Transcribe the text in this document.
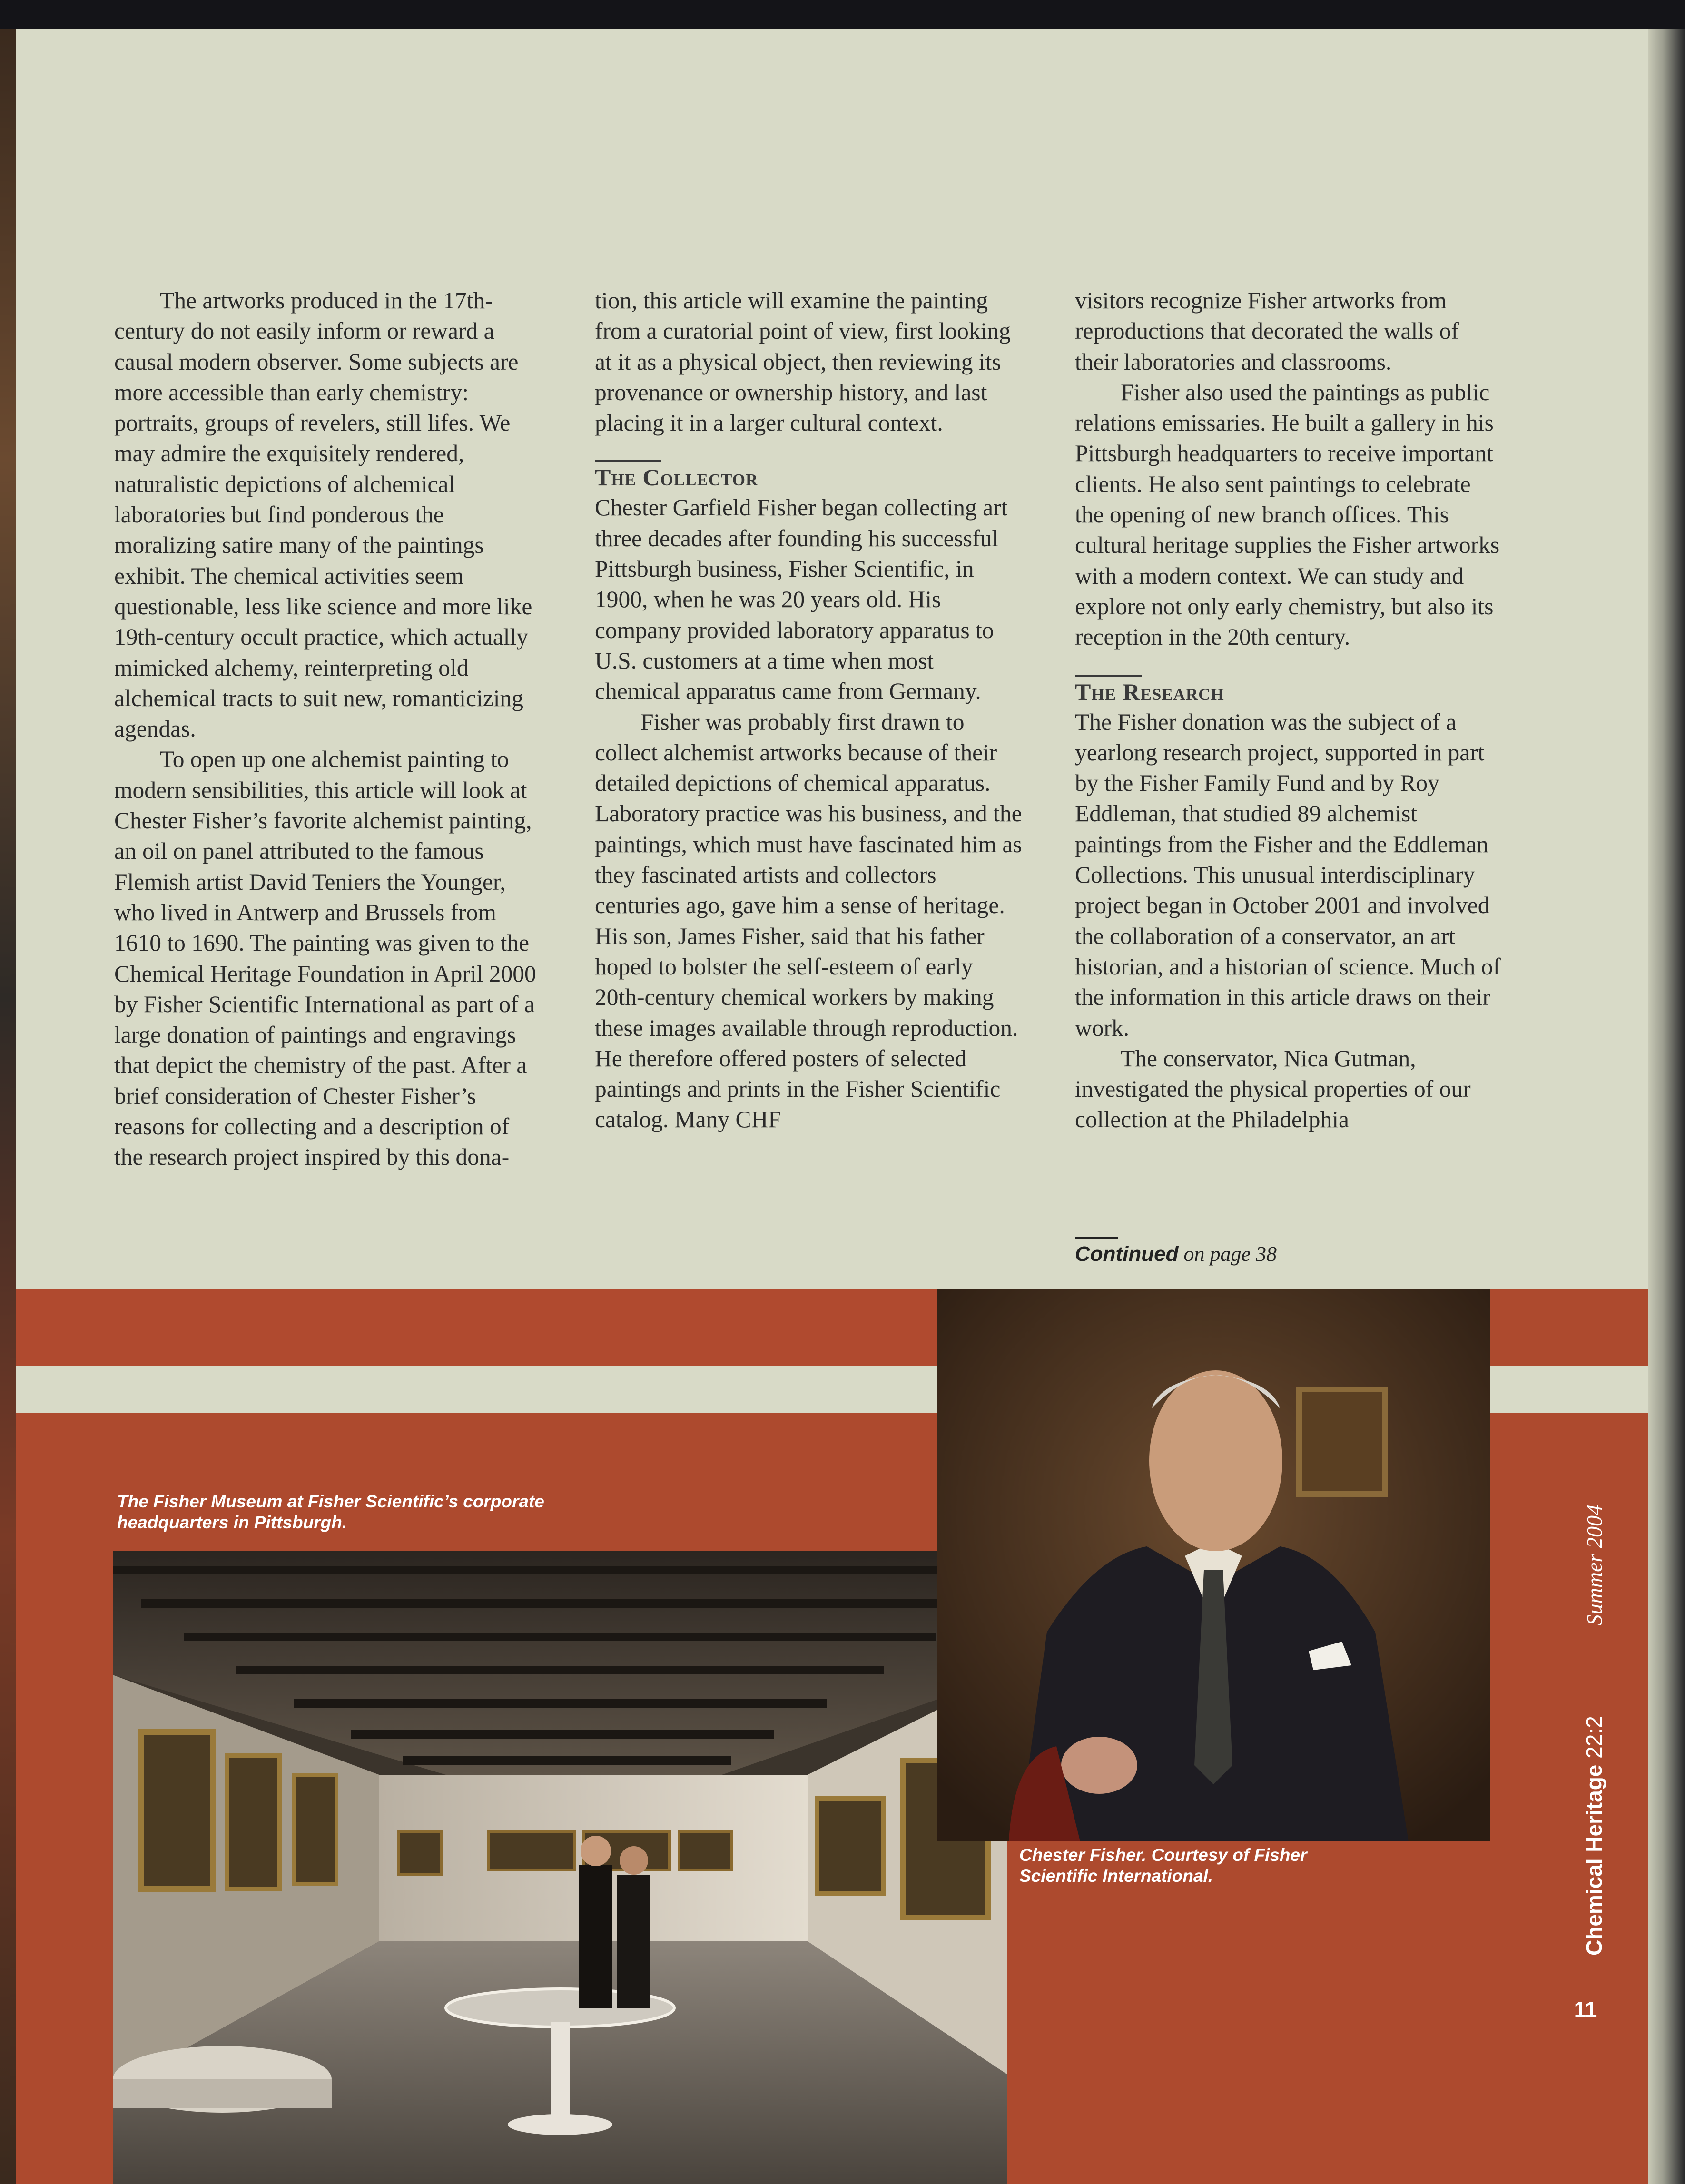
The artworks produced in the 17th-century do not easily inform or reward a causal modern observer. Some subjects are more accessible than early chemistry: portraits, groups of revelers, still lifes. We may admire the exquisitely rendered, naturalistic depictions of alchemical laboratories but find ponderous the moralizing satire many of the paintings exhibit. The chemical activities seem questionable, less like science and more like 19th-century occult practice, which actually mimicked alchemy, reinterpreting old alchemical tracts to suit new, romanticizing agendas.

To open up one alchemist painting to modern sensibilities, this article will look at Chester Fisher’s favorite alchemist painting, an oil on panel attributed to the famous Flemish artist David Teniers the Younger, who lived in Antwerp and Brussels from 1610 to 1690. The painting was given to the Chemical Heritage Foundation in April 2000 by Fisher Scientific International as part of a large donation of paintings and engravings that depict the chemistry of the past. After a brief consideration of Chester Fisher’s reasons for collecting and a description of the research project inspired by this dona-

tion, this article will examine the painting from a curatorial point of view, first looking at it as a physical object, then reviewing its provenance or ownership history, and last placing it in a larger cultural context.

The Collector

Chester Garfield Fisher began collecting art three decades after founding his successful Pittsburgh business, Fisher Scientific, in 1900, when he was 20 years old. His company provided laboratory apparatus to U.S. customers at a time when most chemical apparatus came from Germany.

Fisher was probably first drawn to collect alchemist artworks because of their detailed depictions of chemical apparatus. Laboratory practice was his business, and the paintings, which must have fascinated him as they fascinated artists and collectors centuries ago, gave him a sense of heritage. His son, James Fisher, said that his father hoped to bolster the self-esteem of early 20th-century chemical workers by making these images available through reproduction. He therefore offered posters of selected paintings and prints in the Fisher Scientific catalog. Many CHF

visitors recognize Fisher artworks from reproductions that decorated the walls of their laboratories and classrooms.

Fisher also used the paintings as public relations emissaries. He built a gallery in his Pittsburgh headquarters to receive important clients. He also sent paintings to celebrate the opening of new branch offices. This cultural heritage supplies the Fisher artworks with a modern context. We can study and explore not only early chemistry, but also its reception in the 20th century.

The Research

The Fisher donation was the subject of a yearlong research project, supported in part by the Fisher Family Fund and by Roy Eddleman, that studied 89 alchemist paintings from the Fisher and the Eddleman Collections. This unusual interdisciplinary project began in October 2001 and involved the collaboration of a conservator, an art historian, and a historian of science. Much of the information in this article draws on their work.

The conservator, Nica Gutman, investigated the physical properties of our collection at the Philadelphia

Continued on page 38
The Fisher Museum at Fisher Scientific’s corporate headquarters in Pittsburgh.
Chester Fisher. Courtesy of Fisher Scientific International.	Chemical Heritage 22:2Summer 2004
11
